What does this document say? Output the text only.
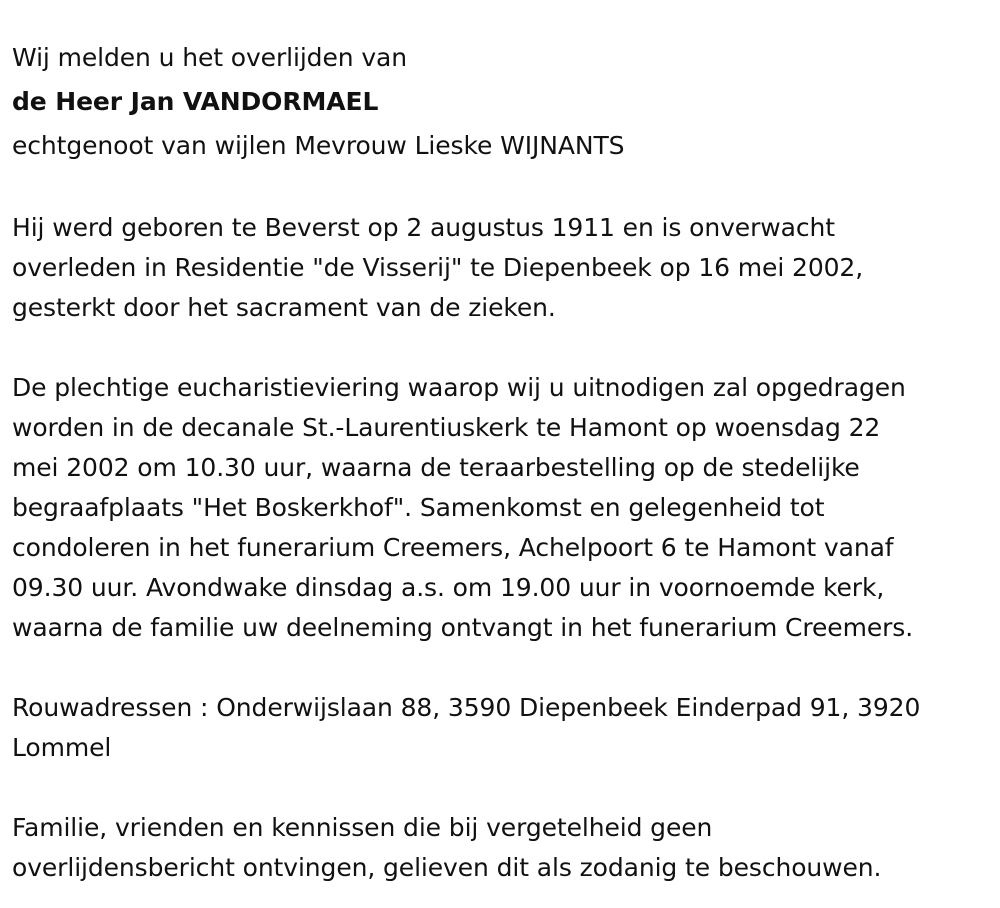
Wij melden u het overlijden van

de Heer Jan VANDORMAEL

echtgenoot van wijlen Mevrouw Lieske WIJNANTS

Hij werd geboren te Beverst op 2 augustus 1911 en is onverwacht

overleden in Residentie "de Visserij" te Diepenbeek op 16 mei 2002,

gesterkt door het sacrament van de zieken.

De plechtige eucharistieviering waarop wij u uitnodigen zal opgedragen

worden in de decanale St.-Laurentiuskerk te Hamont op woensdag 22

mei 2002 om 10.30 uur, waarna de teraarbestelling op de stedelijke

begraafplaats "Het Boskerkhof". Samenkomst en gelegenheid tot

condoleren in het funerarium Creemers, Achelpoort 6 te Hamont vanaf

09.30 uur. Avondwake dinsdag a.s. om 19.00 uur in voornoemde kerk,

waarna de familie uw deelneming ontvangt in het funerarium Creemers.

Rouwadressen : Onderwijslaan 88, 3590 Diepenbeek Einderpad 91, 3920

Lommel

Familie, vrienden en kennissen die bij vergetelheid geen

overlijdensbericht ontvingen, gelieven dit als zodanig te beschouwen.
